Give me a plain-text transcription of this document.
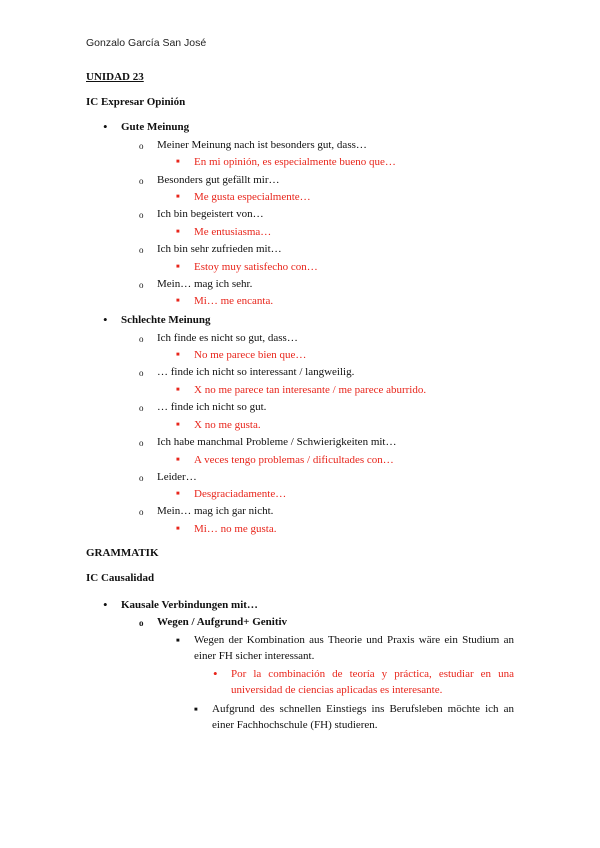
Gonzalo García San José
UNIDAD 23
IC Expresar Opinión
• Gute Meinung
o Meiner Meinung nach ist besonders gut, dass…
■ En mi opinión, es especialmente bueno que…
o Besonders gut gefällt mir…
■ Me gusta especialmente…
o Ich bin begeistert von…
■ Me entusiasma…
o Ich bin sehr zufrieden mit…
■ Estoy muy satisfecho con…
o Mein… mag ich sehr.
■ Mi… me encanta.
• Schlechte Meinung
o Ich finde es nicht so gut, dass…
■ No me parece bien que…
o … finde ich nicht so interessant / langweilig.
■ X no me parece tan interesante / me parece aburrido.
o … finde ich nicht so gut.
■ X no me gusta.
o Ich habe manchmal Probleme / Schwierigkeiten mit…
■ A veces tengo problemas / dificultades con…
o Leider…
■ Desgraciadamente…
o Mein… mag ich gar nicht.
■ Mi… no me gusta.
GRAMMATIK
IC Causalidad
• Kausale Verbindungen mit…
o Wegen / Aufgrund+ Genitiv
■ Wegen der Kombination aus Theorie und Praxis wäre ein Studium an einer FH sicher interessant.
• Por la combinación de teoría y práctica, estudiar en una universidad de ciencias aplicadas es interesante.
■ Aufgrund des schnellen Einstiegs ins Berufsleben möchte ich an einer Fachhochschule (FH) studieren.
